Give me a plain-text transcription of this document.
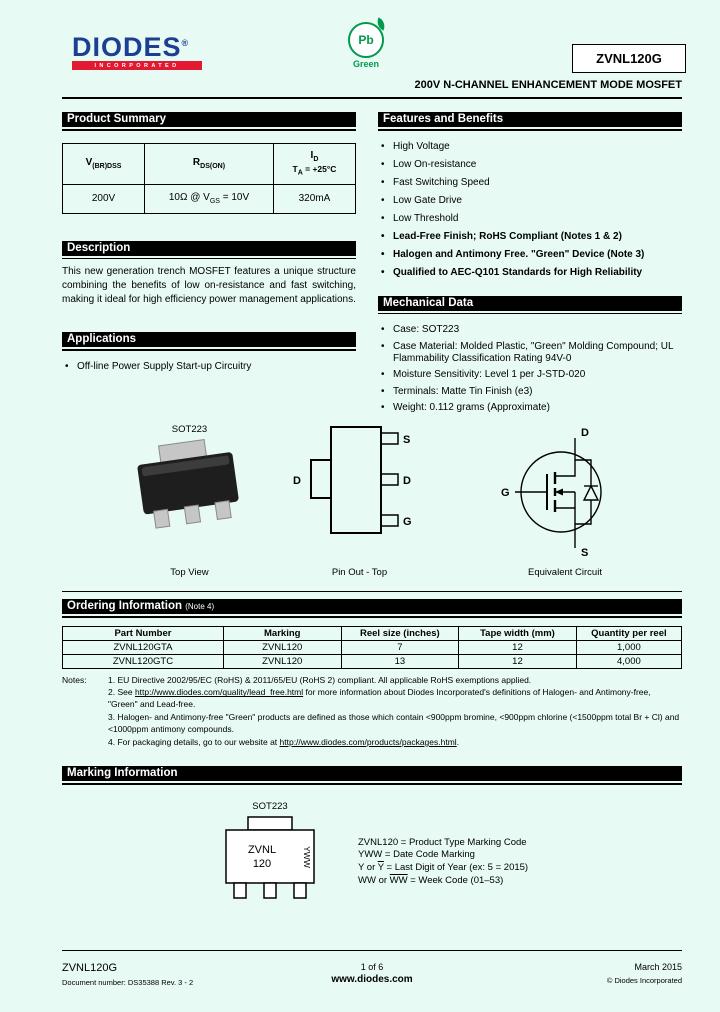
DIODES®
INCORPORATED
Pb
Green	ZVNL120G
200V N-CHANNEL ENHANCEMENT MODE MOSFET
Product Summary
$V_{(BR)DSS}$	$R_{DS(ON)}$	$I_D$
$T_A = +25^\circ C$

200V	10Ω @ $V_{GS} = 10V$	320mA
Description
This new generation trench MOSFET features a unique structure combining the benefits of low on-resistance and fast switching, making it ideal for high efficiency power management applications.
Applications
• Off-line Power Supply Start-up Circuitry
Features and Benefits
• High Voltage
• Low On-resistance
• Fast Switching Speed
• Low Gate Drive
• Low Threshold
• Lead-Free Finish; RoHS Compliant (Notes 1 & 2)
• Halogen and Antimony Free. "Green" Device (Note 3)
• Qualified to AEC-Q101 Standards for High Reliability
Mechanical Data
• Case: SOT223
• Case Material: Molded Plastic, "Green" Molding Compound; UL Flammability Classification Rating 94V-0
• Moisture Sensitivity: Level 1 per J-STD-020
• Terminals: Matte Tin Finish (e3)
• Weight: 0.112 grams (Approximate)
SOT223
Top View
D
S
D
G
Pin Out - Top
D
G
S
Equivalent Circuit
Ordering Information (Note 4)
Part Number	Marking	Reel size (inches)	Tape width (mm)	Quantity per reel
ZVNL120GTA	ZVNL120	7	12	1,000
ZVNL120GTC	ZVNL120	13	12	4,000
Notes:	1. EU Directive 2002/95/EC (RoHS) & 2011/65/EU (RoHS 2) compliant. All applicable RoHS exemptions applied.
2. See http://www.diodes.com/quality/lead_free.html for more information about Diodes Incorporated's definitions of Halogen- and Antimony-free, "Green" and Lead-free.
3. Halogen- and Antimony-free "Green" products are defined as those which contain <900ppm bromine, <900ppm chlorine (<1500ppm total Br + Cl) and <1000ppm antimony compounds.
4. For packaging details, go to our website at http://www.diodes.com/products/packages.html.
Marking Information
SOT223
ZVNL
120	YWW
ZVNL120 = Product Type Marking Code
YWW = Date Code Marking
Y or $\overline{Y}$ = Last Digit of Year (ex: 5 = 2015)
WW or $\overline{WW}$ = Week Code (01–53)
ZVNL120G
Document number: DS35388 Rev. 3 - 2
1 of 6
www.diodes.com
March 2015
© Diodes Incorporated
